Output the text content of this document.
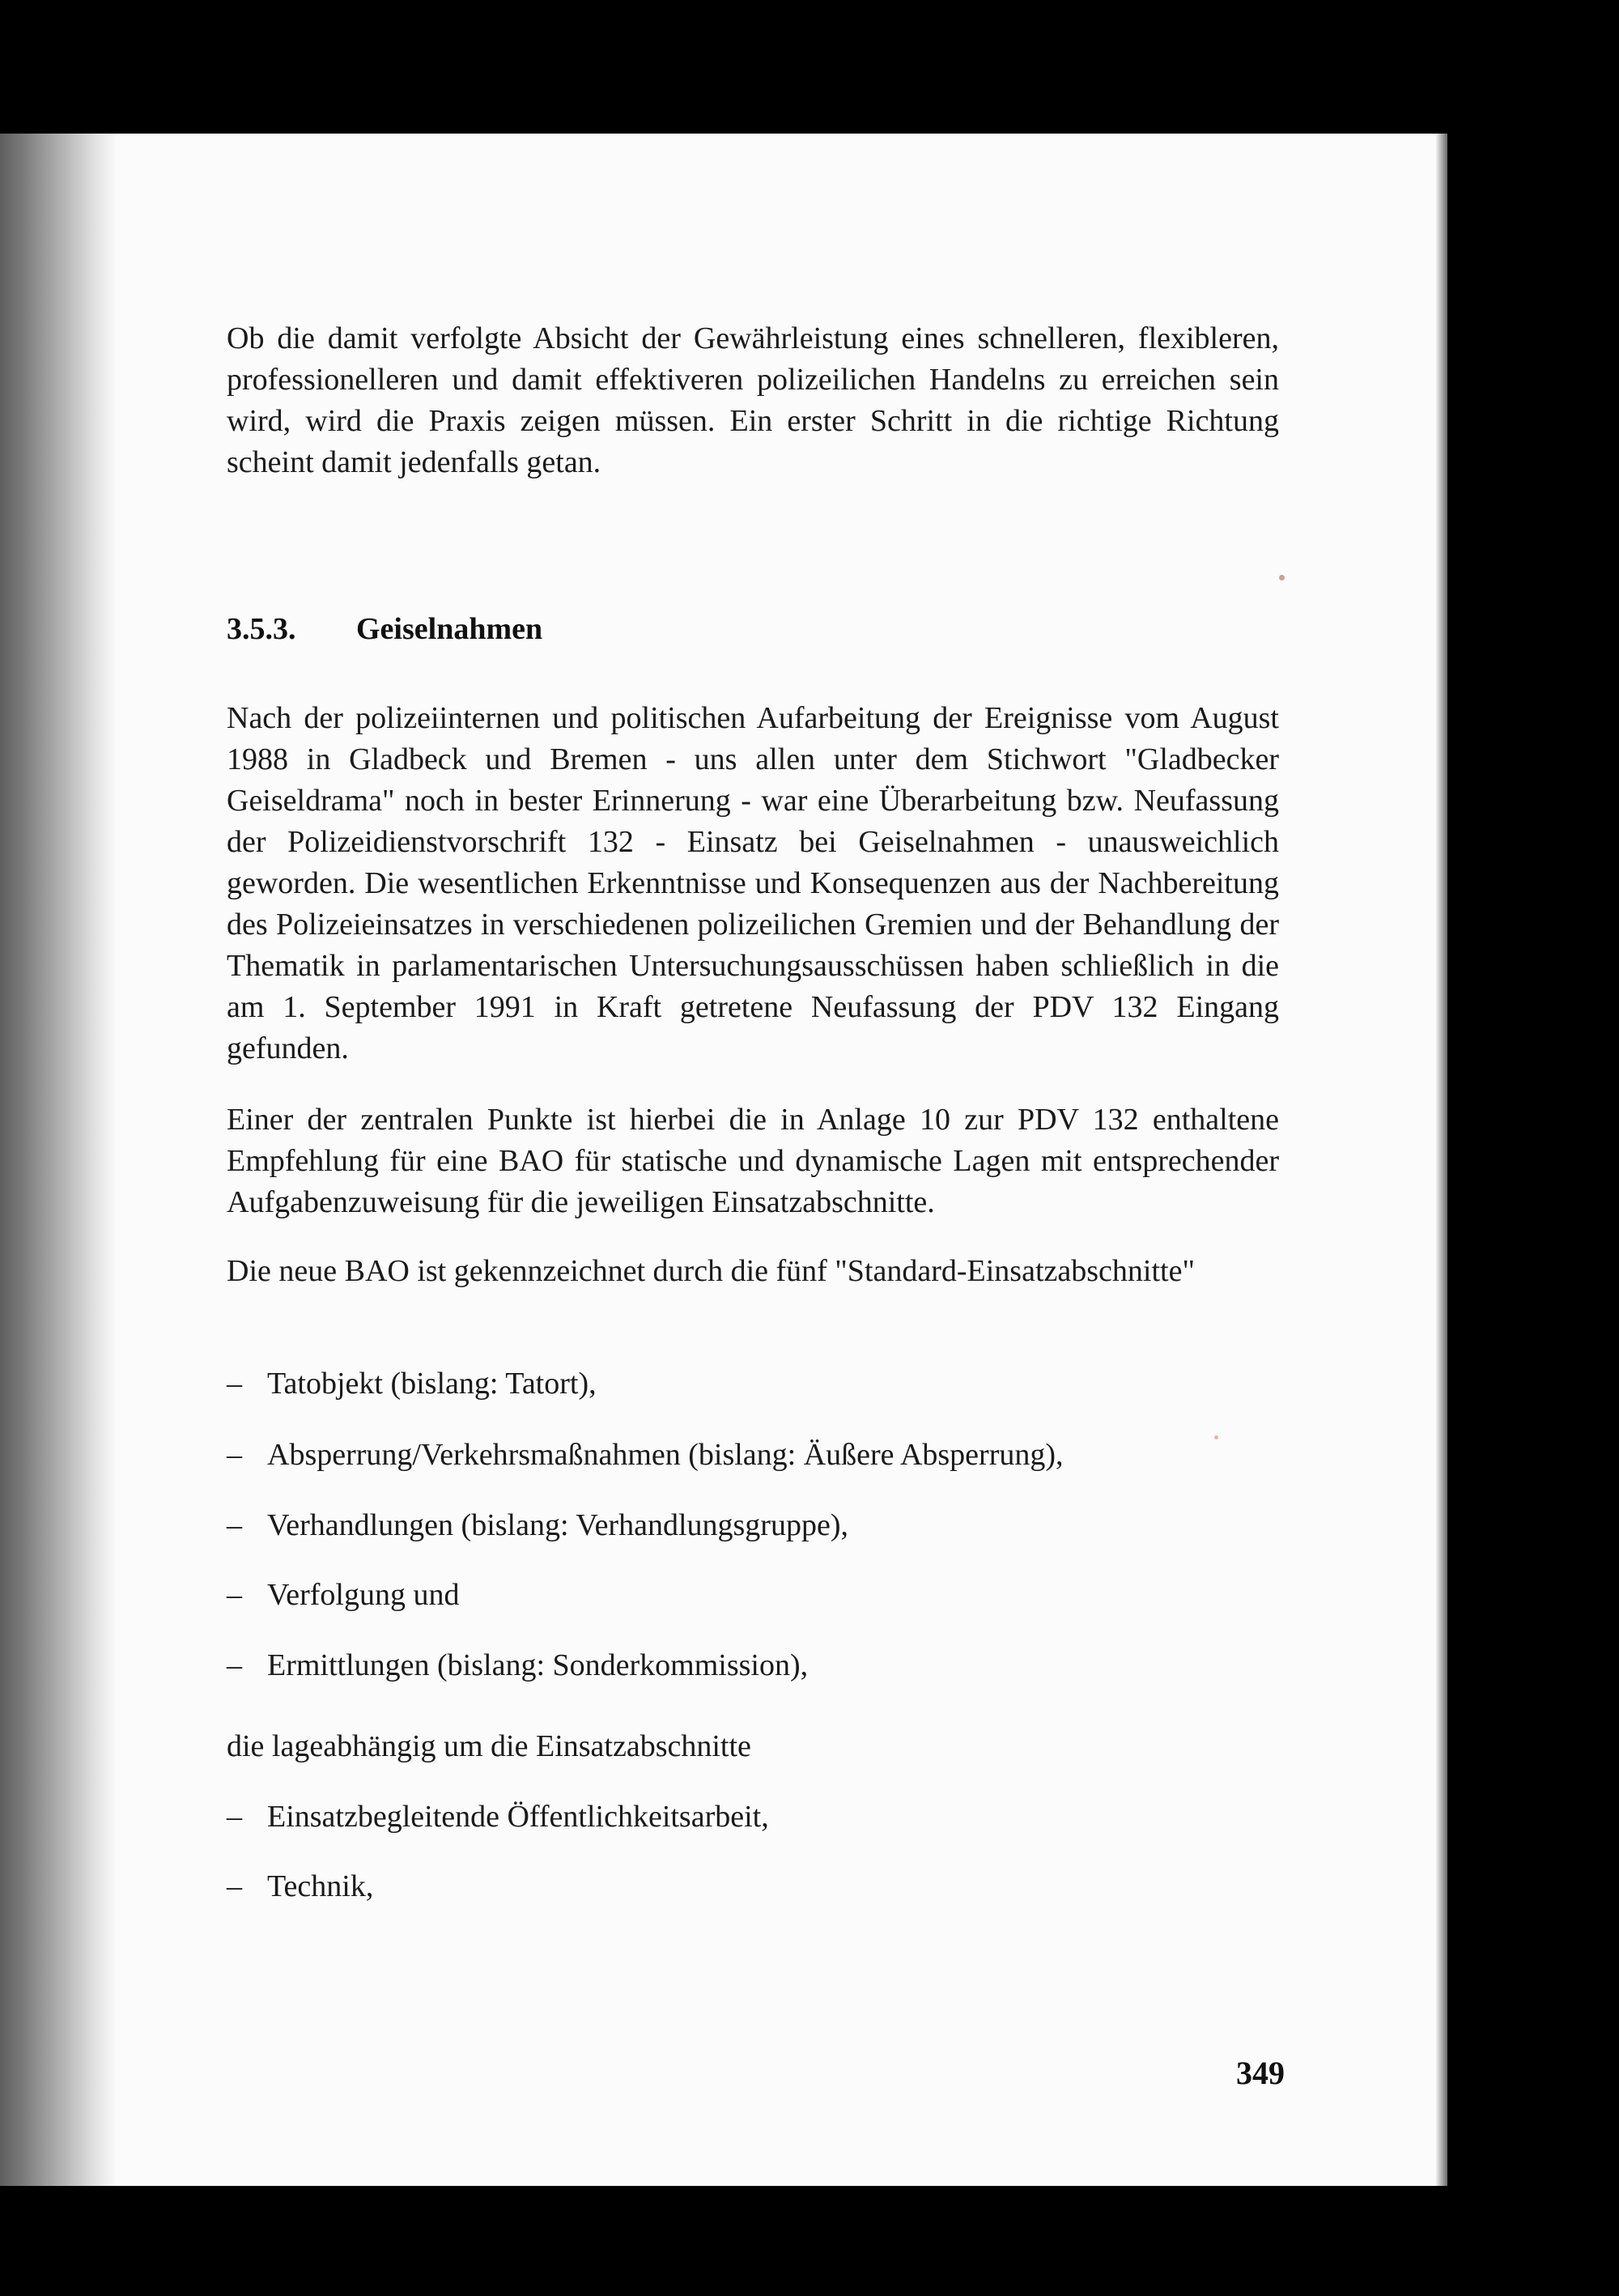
Ob die damit verfolgte Absicht der Gewährleistung eines schnelleren, flexibleren, professionelleren und damit effektiveren polizeilichen Handelns zu erreichen sein wird, wird die Praxis zeigen müssen. Ein erster Schritt in die richtige Richtung scheint damit jedenfalls getan.

3.5.3. Geiselnahmen

Nach der polizeiinternen und politischen Aufarbeitung der Ereignisse vom August 1988 in Gladbeck und Bremen - uns allen unter dem Stichwort "Gladbecker Geiseldrama" noch in bester Erinnerung - war eine Überarbeitung bzw. Neufassung der Polizeidienstvorschrift 132 - Einsatz bei Geiselnahmen - unausweichlich geworden. Die wesentlichen Erkenntnisse und Konsequenzen aus der Nachbereitung des Polizeieinsatzes in verschiedenen polizeilichen Gremien und der Behandlung der Thematik in parlamentarischen Untersuchungsausschüssen haben schließlich in die am 1. September 1991 in Kraft getretene Neufassung der PDV 132 Eingang gefunden.

Einer der zentralen Punkte ist hierbei die in Anlage 10 zur PDV 132 enthaltene Empfehlung für eine BAO für statische und dynamische Lagen mit entsprechender Aufgabenzuweisung für die jeweiligen Einsatzabschnitte.

Die neue BAO ist gekennzeichnet durch die fünf "Standard-Einsatzabschnitte"

– Tatobjekt (bislang: Tatort),
– Absperrung/Verkehrsmaßnahmen (bislang: Äußere Absperrung),
– Verhandlungen (bislang: Verhandlungsgruppe),
– Verfolgung und
– Ermittlungen (bislang: Sonderkommission),
die lageabhängig um die Einsatzabschnitte
– Einsatzbegleitende Öffentlichkeitsarbeit,
– Technik,
349
